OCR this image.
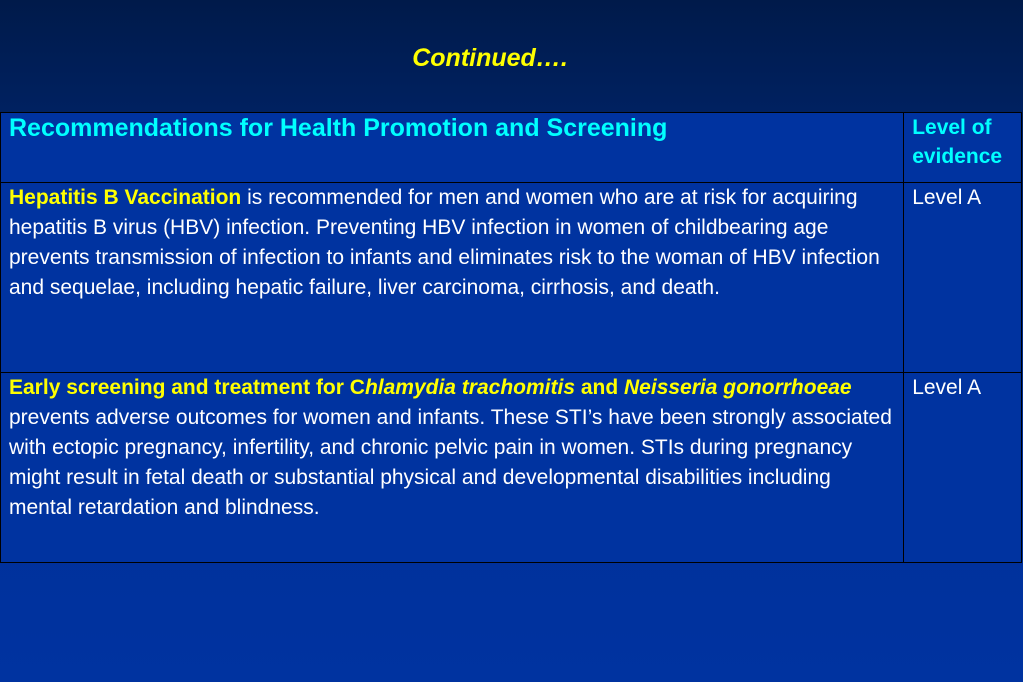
Continued….
Recommendations for Health Promotion and Screening	Level of evidence
Hepatitis B Vaccination is recommended for men and women who are at risk for acquiring hepatitis B virus (HBV) infection. Preventing HBV infection in women of childbearing age prevents transmission of infection to infants and eliminates risk to the woman of HBV infection and sequelae, including hepatic failure, liver carcinoma, cirrhosis, and death.	Level A
Early screening and treatment for Chlamydia trachomitis and Neisseria gonorrhoeae prevents adverse outcomes for women and infants. These STI’s have been strongly associated with ectopic pregnancy, infertility, and chronic pelvic pain in women. STIs during pregnancy might result in fetal death or substantial physical and developmental disabilities including mental retardation and blindness.	Level A
